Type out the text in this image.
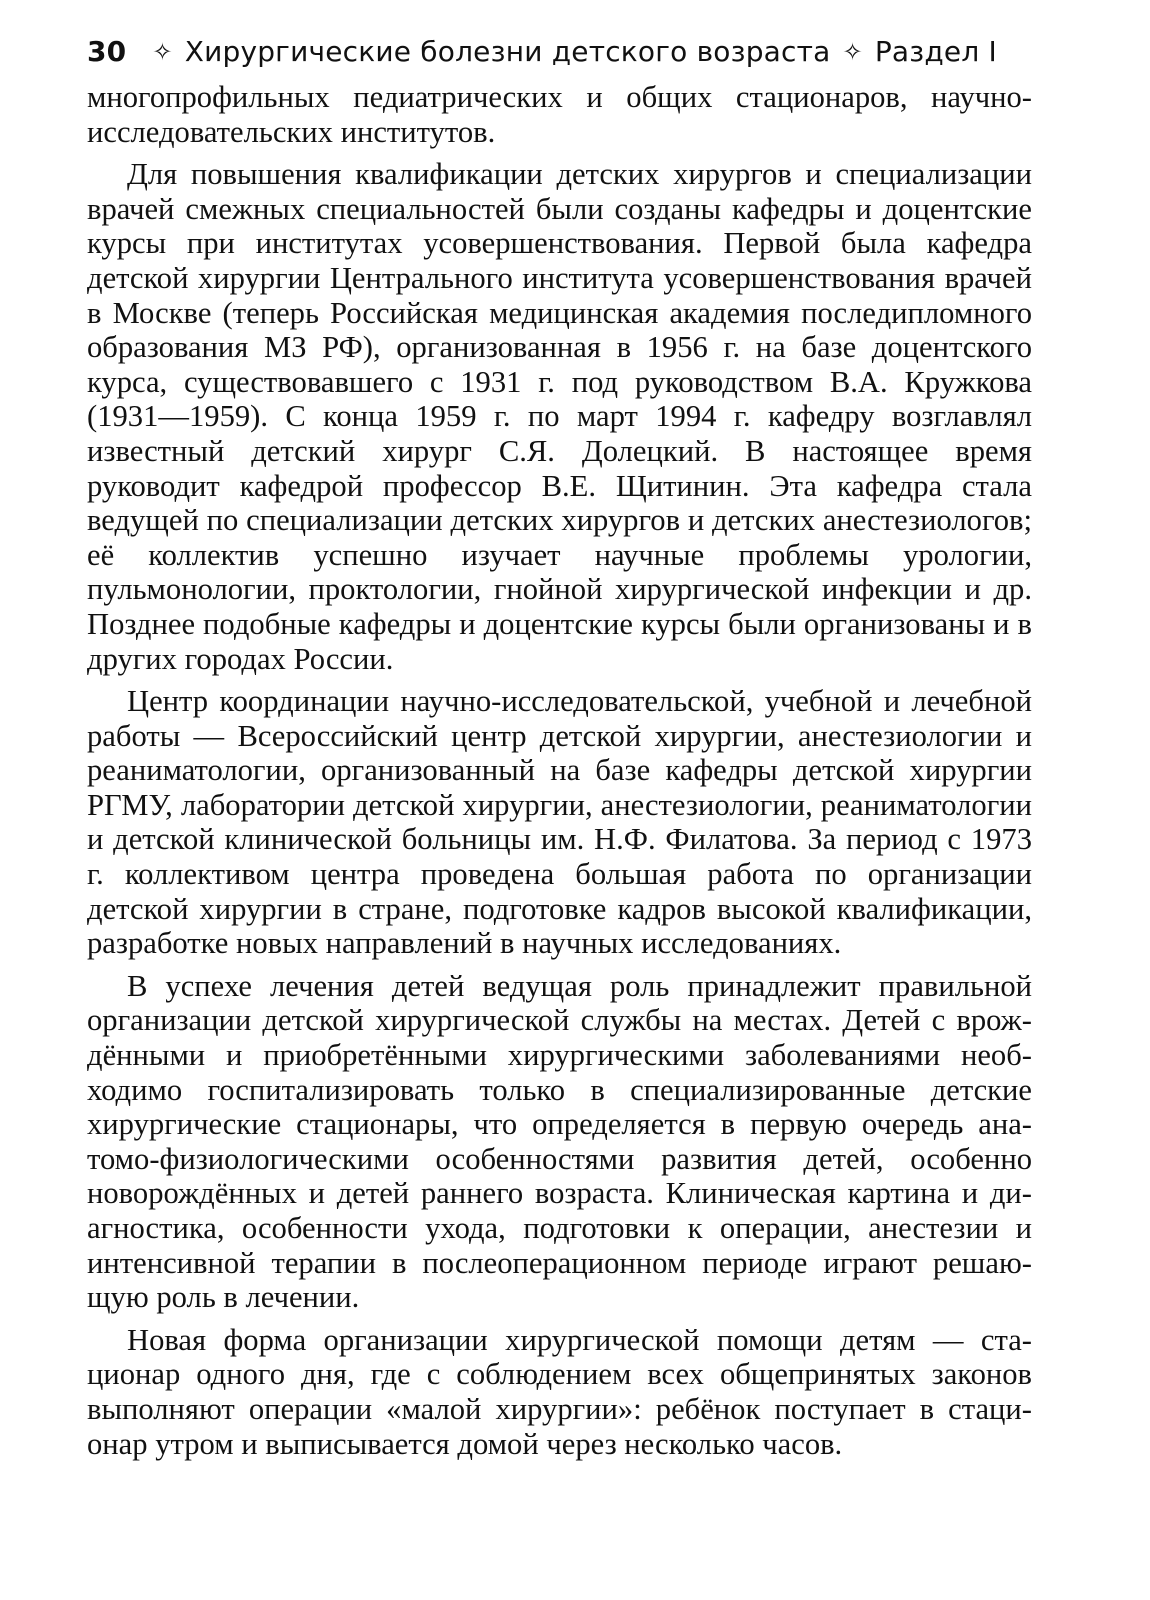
30 ✧ Хирургические болезни детского возраста ✧ Раздел I

многопрофильных педиатрических и общих стационаров, научно-исследовательских институтов.

Для повышения квалификации детских хирургов и специализации врачей смежных специальностей были созданы кафедры и доцентские курсы при институтах усовершенствования. Первой была кафедра детской хирургии Центрального института усовершенствования врачей в Москве (теперь Российская медицинская академия последипломного образования МЗ РФ), организованная в 1956 г. на базе доцентского курса, существовавшего с 1931 г. под руководством В.А. Кружкова (1931—1959). С конца 1959 г. по март 1994 г. кафедру возглавлял известный детский хирург С.Я. Долецкий. В настоящее время руководит кафедрой профессор В.Е. Щитинин. Эта кафедра стала ведущей по специализации детских хирургов и детских анестезиологов; её коллектив успешно изучает научные проблемы урологии, пульмонологии, проктологии, гнойной хирургической инфекции и др. Позднее подобные кафедры и доцентские курсы были организованы и в других городах России.

Центр координации научно-исследовательской, учебной и лечебной работы — Всероссийский центр детской хирургии, анестезиологии и реаниматологии, организованный на базе кафедры детской хирургии РГМУ, лаборатории детской хирургии, анестезиологии, реаниматологии и детской клинической больницы им. Н.Ф. Филатова. За период с 1973 г. коллективом центра проведена большая работа по организации детской хирургии в стране, подготовке кадров высокой квалификации, разработке новых направлений в научных исследованиях.

В успехе лечения детей ведущая роль принадлежит правильной организации детской хирургической службы на местах. Детей с врождёнными и приобретёнными хирургическими заболеваниями необходимо госпитализировать только в специализированные детские хирургические стационары, что определяется в первую очередь анатомо-физиологическими особенностями развития детей, особенно новорождённых и детей раннего возраста. Клиническая картина и диагностика, особенности ухода, подготовки к операции, анестезии и интенсивной терапии в послеоперационном периоде играют решающую роль в лечении.

Новая форма организации хирургической помощи детям — стационар одного дня, где с соблюдением всех общепринятых законов выполняют операции «малой хирургии»: ребёнок поступает в стационар утром и выписывается домой через несколько часов.
